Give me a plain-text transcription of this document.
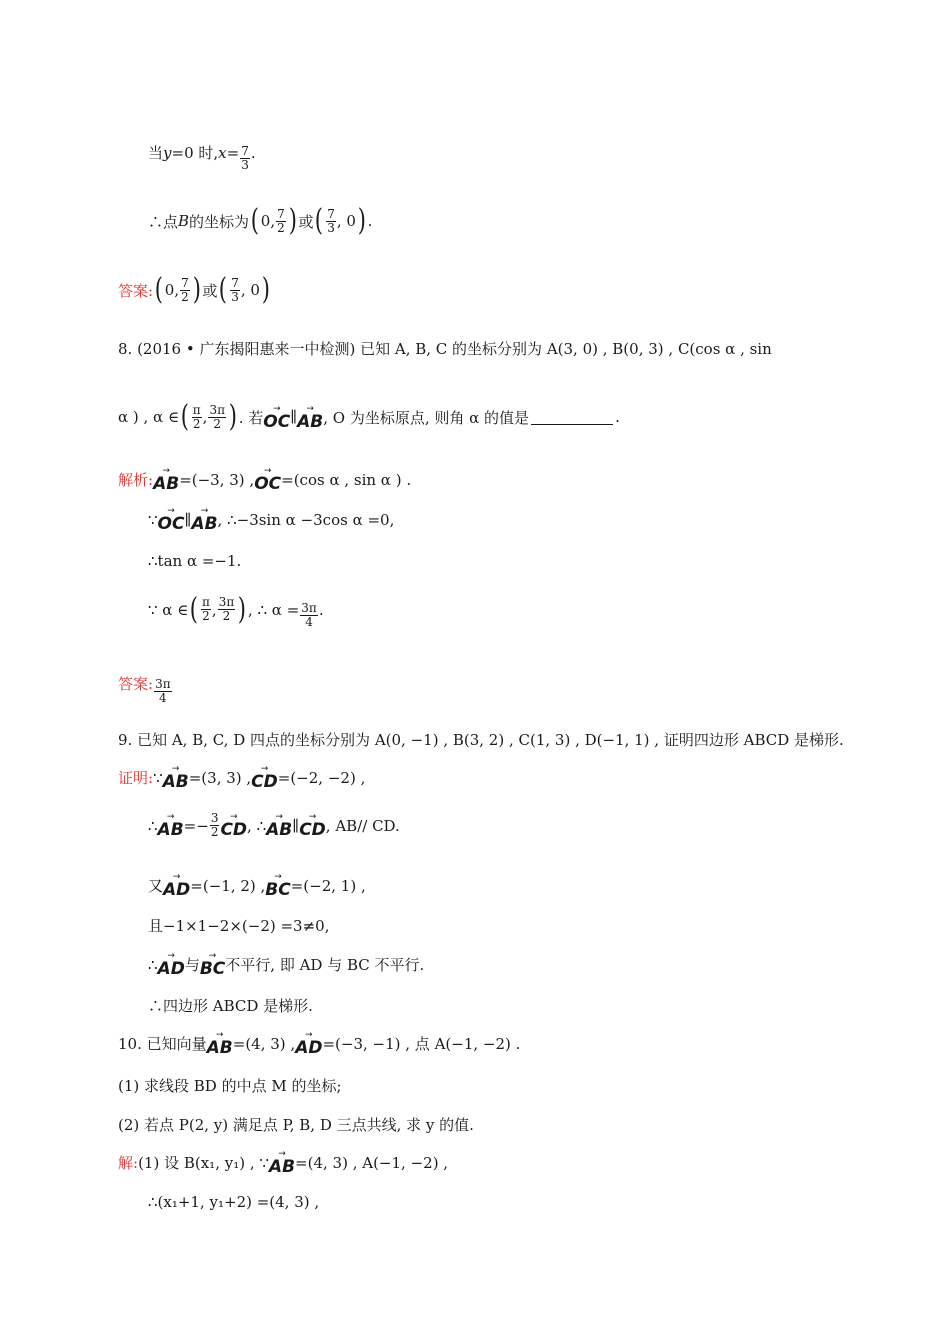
当 y =0 时, $x = \frac{7}{3}$ .
∴点 B 的坐标为 ( 0, $\frac{7}{2}$ ) 或 ( $\frac{7}{3}$ , 0 ) .
答案: ( 0, $\frac{7}{2}$ ) 或 ( $\frac{7}{3}$ , 0 )
8. (2016 • 广东揭阳惠来一中检测) 已知 A, B, C 的坐标分别为 A(3, 0) , B(0, 3) , C(cos α , sin
α ) , α ∈ ( $\frac{\pi}{2}$ , $\frac{3\pi}{2}$ ) . 若 →
OC ∥ →
AB , O 为坐标原点, 则角 α 的值是	.
解析: →
AB =(−3, 3) , →
OC =(cos α , sin α ) .
∵ →
OC ∥ →
AB , ∴−3sin α −3cos α =0,
∴tan α =−1.
∵ α ∈ ( $\frac{\pi}{2}$ , $\frac{3\pi}{2}$ ) , ∴ $\alpha = \frac{3\pi}{4}$ .
答案: $\frac{3\pi}{4}$
9. 已知 A, B, C, D 四点的坐标分别为 A(0, −1) , B(3, 2) , C(1, 3) , D(−1, 1) , 证明四边形 ABCD 是梯形.
证明: ∵ →
AB =(3, 3) , →
CD =(−2, −2) ,
∴ →
AB =− $\frac{3}{2}$ →
CD , ∴ →
AB ∥ →
CD , AB// CD.
又 →
AD =(−1, 2) , →
BC =(−2, 1) ,
且−1×1−2×(−2) =3≠0,
∴ →
AD 与 →
BC 不平行, 即 AD 与 BC 不平行.
∴四边形 ABCD 是梯形.
10. 已知向量 →
AB =(4, 3) , →
AD =(−3, −1) , 点 A(−1, −2) .
(1) 求线段 BD 的中点 M 的坐标;
(2) 若点 P(2, y) 满足点 P, B, D 三点共线, 求 y 的值.
解: (1) 设 B(x₁, y₁) , ∵ →
AB =(4, 3) , A(−1, −2) ,
∴(x₁+1, y₁+2) =(4, 3) ,
